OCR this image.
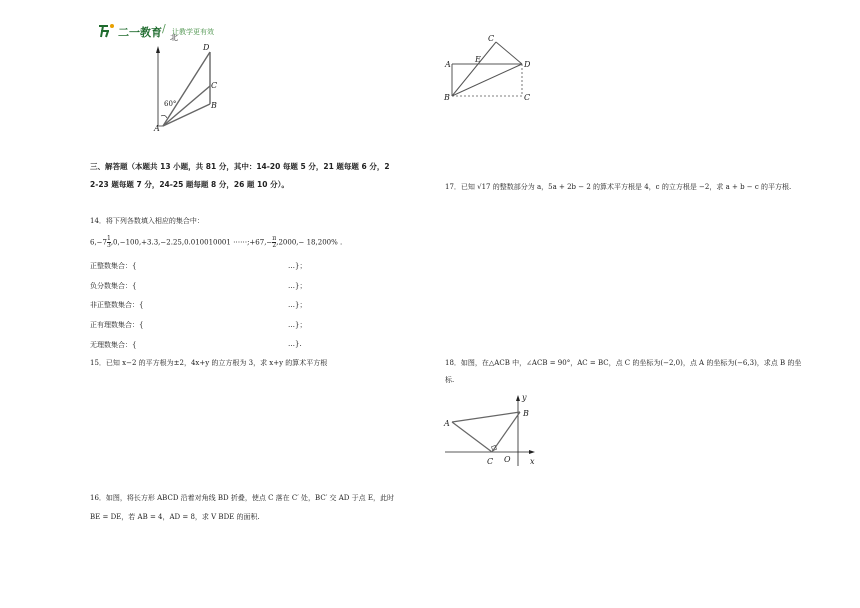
二一教育 / 让教学更有效
北
D
C
B
A
60°
C
A
E
D
B	C
三、解答题（本题共 13 小题，共 81 分，其中：14-20 每题 5 分，21 题每题 6 分，2
2-23 题每题 7 分，24-25 题每题 8 分，26 题 10 分）。
14．将下列各数填入相应的集合中：
$6,-7 \frac{1}{3} ,0,-100,+3.3,-2.25,0.010010001$ ⋯⋯;+67,− $\frac{\pi}{2} ,2000,- 18,200\%$ .
正整数集合：{	…}；
负分数集合：{	…}；
非正整数集合：{	…}；
正有理数集合：{	…}；
无理数集合：{	…}.
15．已知 x−2 的平方根为±2，4x+y 的立方根为 3，求 x+y 的算术平方根
16．如图，将长方形 ABCD 沿着对角线 BD 折叠，使点 C 落在 C′ 处，BC′ 交 AD 于点 E，此时
BE = DE，若 AB = 4，AD = 8，求 V BDE 的面积.
17．已知 √17 的整数部分为 a，5a + 2b − 2 的算术平方根是 4，c 的立方根是 −2，求 a + b − c 的平方根.
18．如图，在△ACB 中，∠ACB = 90°，AC = BC，点 C 的坐标为(−2,0)，点 A 的坐标为(−6,3)，求点 B 的坐
标.
A
B
C O x
y
